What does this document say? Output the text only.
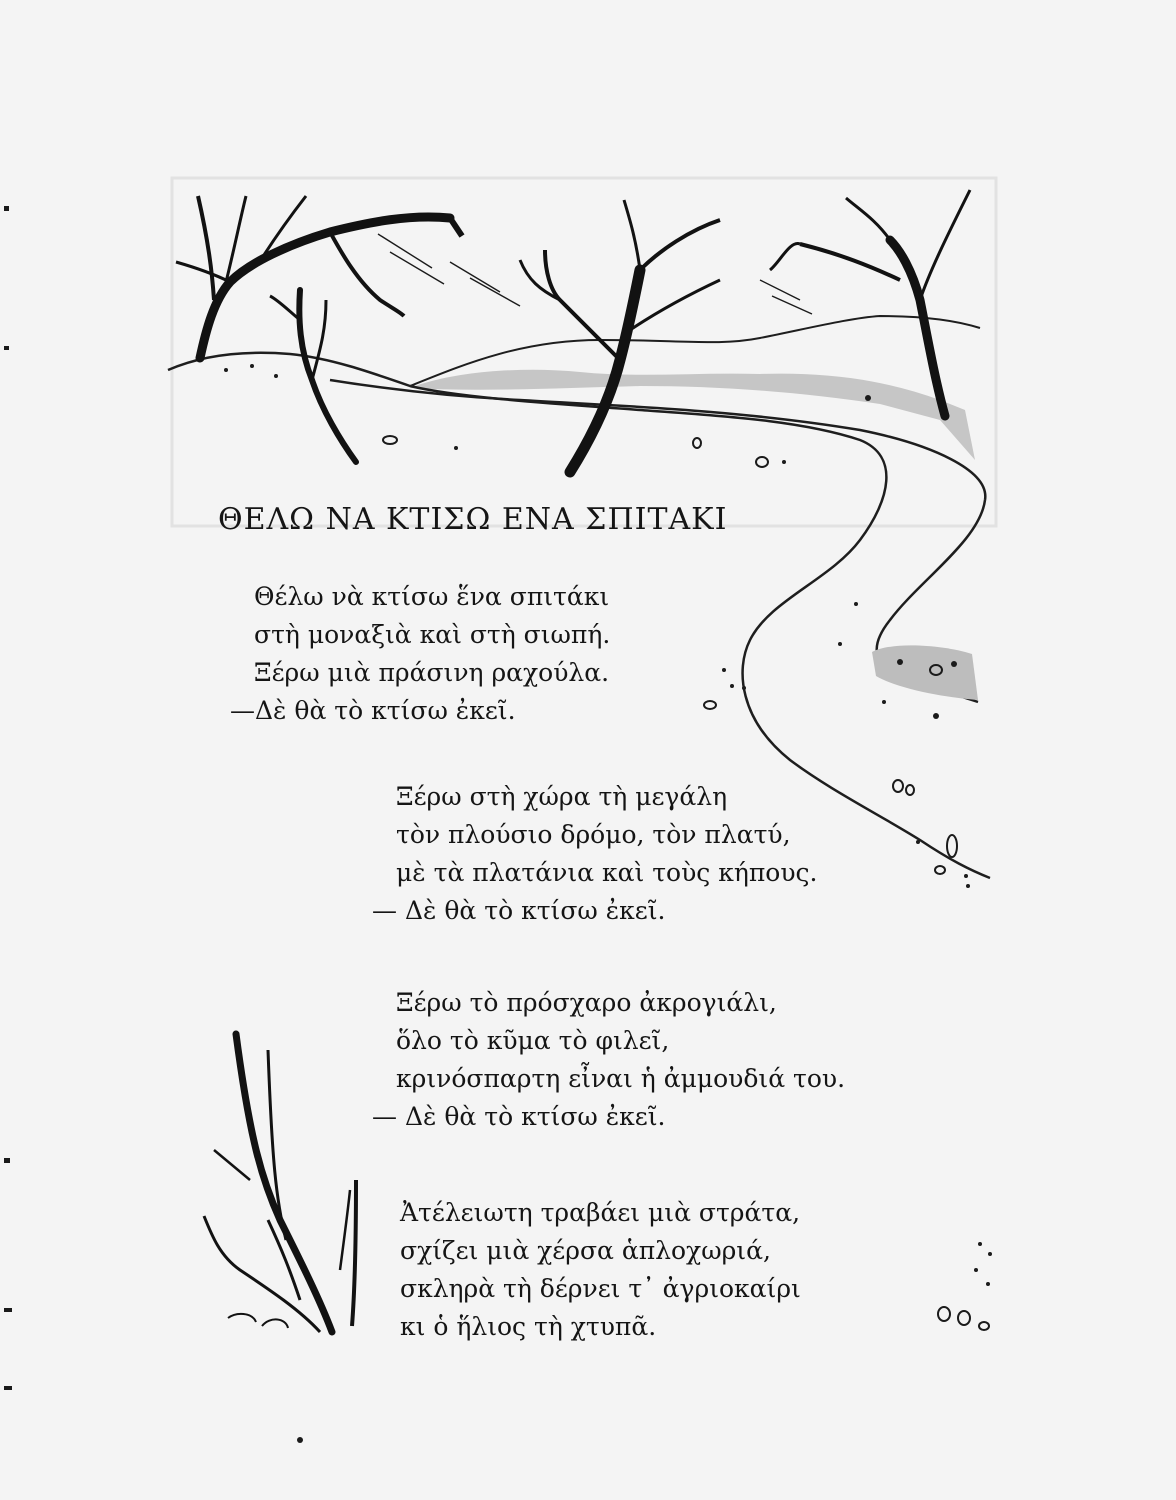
ΘΕΛΩ ΝΑ ΚΤΙΣΩ ΕΝΑ ΣΠΙΤΑΚΙ
Θέλω νὰ κτίσω ἕνα σπιτάκι
στὴ μοναξιὰ καὶ στὴ σιωπή.
Ξέρω μιὰ πράσινη ραχούλα.
—Δὲ θὰ τὸ κτίσω ἐκεῖ.
Ξέρω στὴ χώρα τὴ μεγάλη
τὸν πλούσιο δρόμο, τὸν πλατύ,
μὲ τὰ πλατάνια καὶ τοὺς κήπους.
— Δὲ θὰ τὸ κτίσω ἐκεῖ.
Ξέρω τὸ πρόσχαρο ἀκρογιάλι,
ὅλο τὸ κῦμα τὸ φιλεῖ,
κρινόσπαρτη εἶναι ἡ ἀμμουδιά του.
— Δὲ θὰ τὸ κτίσω ἐκεῖ.
Ἀτέλειωτη τραβάει μιὰ στράτα,
σχίζει μιὰ χέρσα ἁπλοχωριά,
σκληρὰ τὴ δέρνει τ᾽ ἀγριοκαίρι
κι ὁ ἥλιος τὴ χτυπᾶ.
